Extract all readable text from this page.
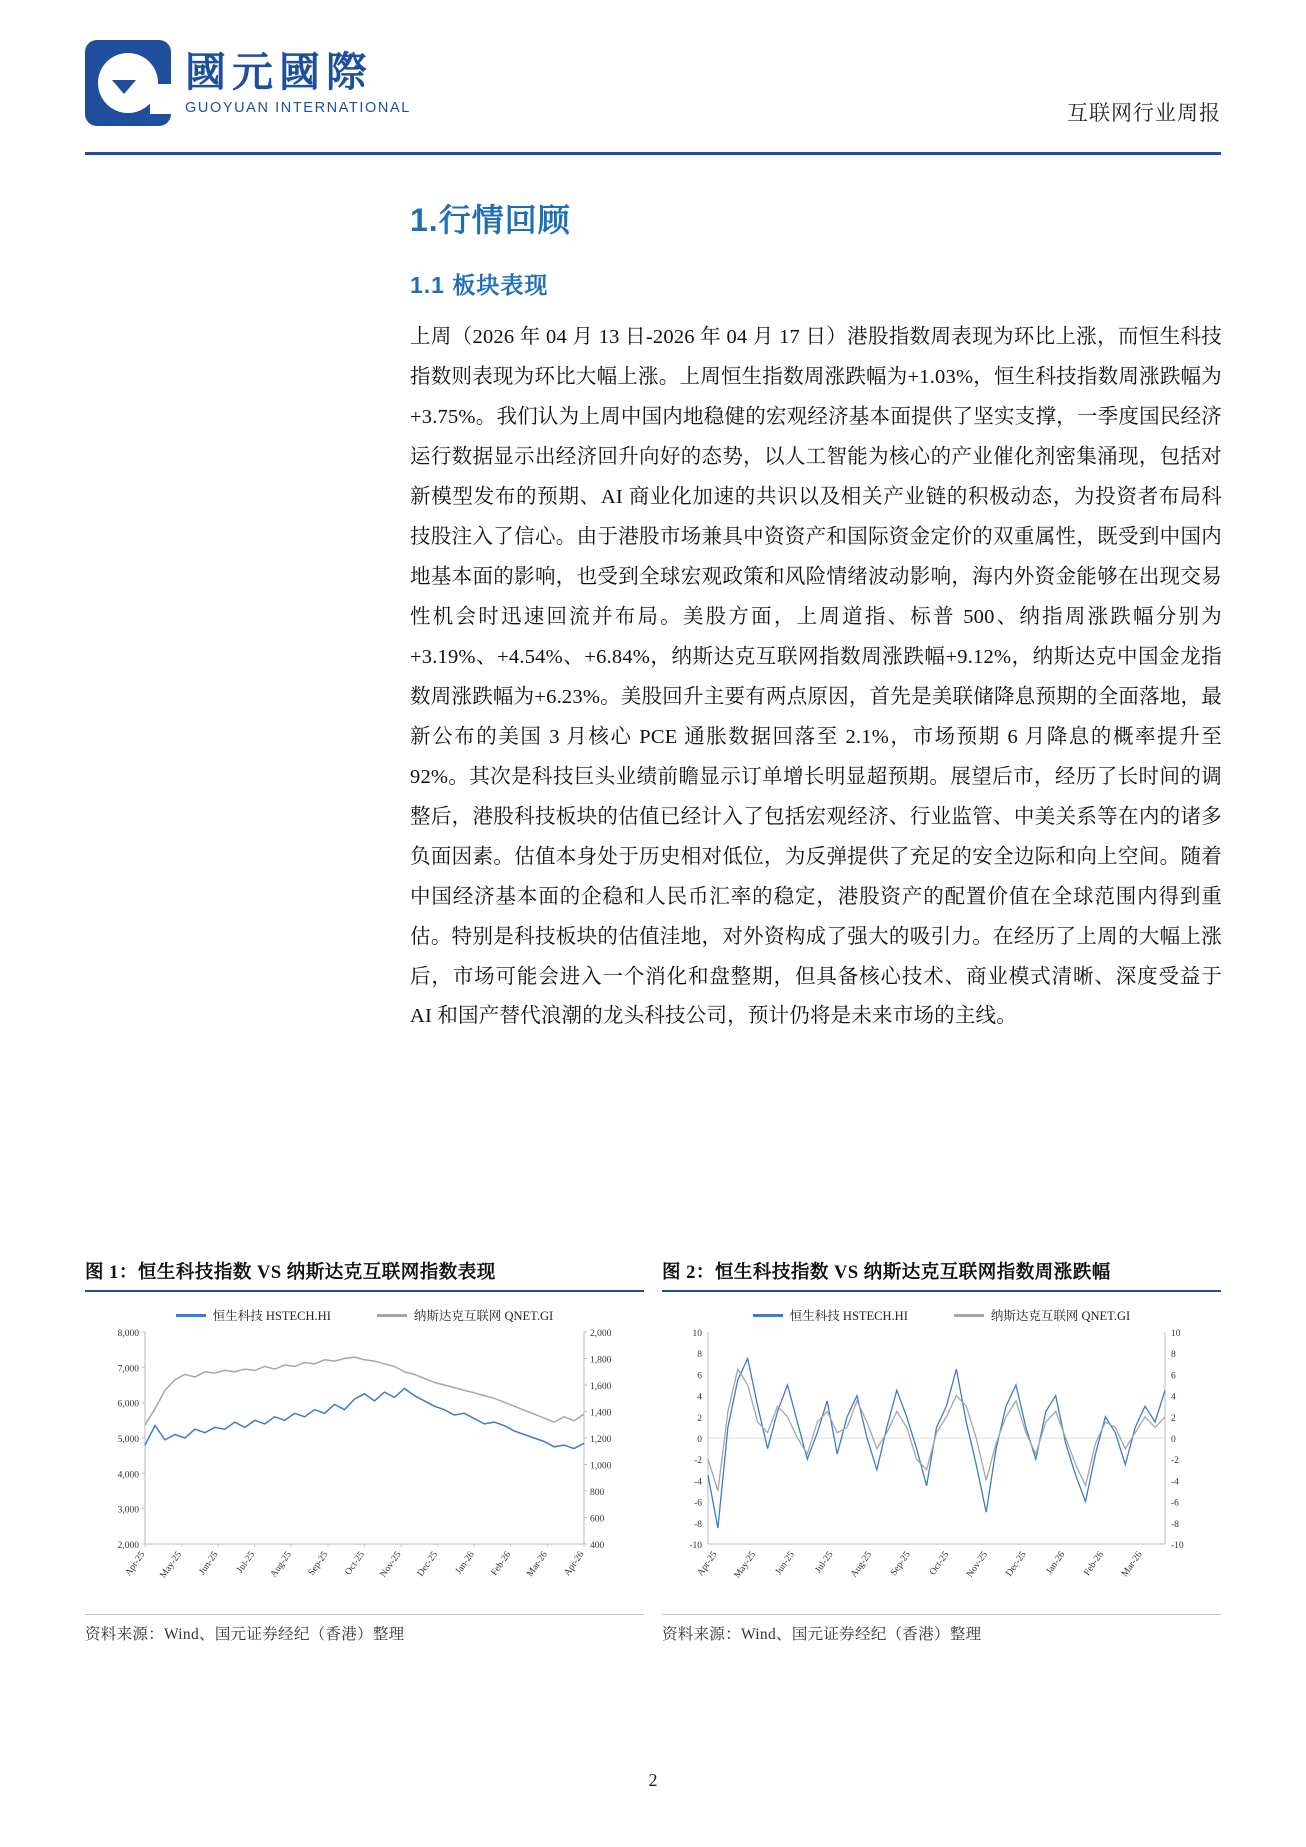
國元國際
GUOYUAN INTERNATIONAL	互联网行业周报
1.行情回顾
1.1 板块表现

上周（2026 年 04 月 13 日-2026 年 04 月 17 日）港股指数周表现为环比上涨，而恒生科技指数则表现为环比大幅上涨。上周恒生指数周涨跌幅为+1.03%，恒生科技指数周涨跌幅为+3.75%。我们认为上周中国内地稳健的宏观经济基本面提供了坚实支撑，一季度国民经济运行数据显示出经济回升向好的态势，以人工智能为核心的产业催化剂密集涌现，包括对新模型发布的预期、AI 商业化加速的共识以及相关产业链的积极动态，为投资者布局科技股注入了信心。由于港股市场兼具中资资产和国际资金定价的双重属性，既受到中国内地基本面的影响，也受到全球宏观政策和风险情绪波动影响，海内外资金能够在出现交易性机会时迅速回流并布局。美股方面，上周道指、标普 500、纳指周涨跌幅分别为+3.19%、+4.54%、+6.84%，纳斯达克互联网指数周涨跌幅+9.12%，纳斯达克中国金龙指数周涨跌幅为+6.23%。美股回升主要有两点原因，首先是美联储降息预期的全面落地，最新公布的美国 3 月核心 PCE 通胀数据回落至 2.1%，市场预期 6 月降息的概率提升至 92%。其次是科技巨头业绩前瞻显示订单增长明显超预期。展望后市，经历了长时间的调整后，港股科技板块的估值已经计入了包括宏观经济、行业监管、中美关系等在内的诸多负面因素。估值本身处于历史相对低位，为反弹提供了充足的安全边际和向上空间。随着中国经济基本面的企稳和人民币汇率的稳定，港股资产的配置价值在全球范围内得到重估。特别是科技板块的估值洼地，对外资构成了强大的吸引力。在经历了上周的大幅上涨后，市场可能会进入一个消化和盘整期，但具备核心技术、商业模式清晰、深度受益于 AI 和国产替代浪潮的龙头科技公司，预计仍将是未来市场的主线。

图 1：恒生科技指数 VS 纳斯达克互联网指数表现
恒生科技 HSTECH.HI	纳斯达克互联网 QNET.GI
2,000
3,000
4,000
5,000
6,000
7,000
8,000
400
600
800
1,000
1,200
1,400
1,600
1,800
2,000
Apr-25 May-25 Jun-25 Jul-25 Aug-25 Sep-25 Oct-25 Nov-25 Dec-25 Jan-26 Feb-26 Mar-26 Apr-26
资料来源：Wind、国元证券经纪（香港）整理
图 2：恒生科技指数 VS 纳斯达克互联网指数周涨跌幅
恒生科技 HSTECH.HI	纳斯达克互联网 QNET.GI
-10	-10
-8	-8
-6	-6
-4	-4
-2	-2
0	0
2	2
4	4
6	6
8	8
10	10
Apr-25 May-25 Jun-25 Jul-25 Aug-25 Sep-25 Oct-25 Nov-25 Dec-25 Jan-26 Feb-26 Mar-26
资料来源：Wind、国元证券经纪（香港）整理
2
